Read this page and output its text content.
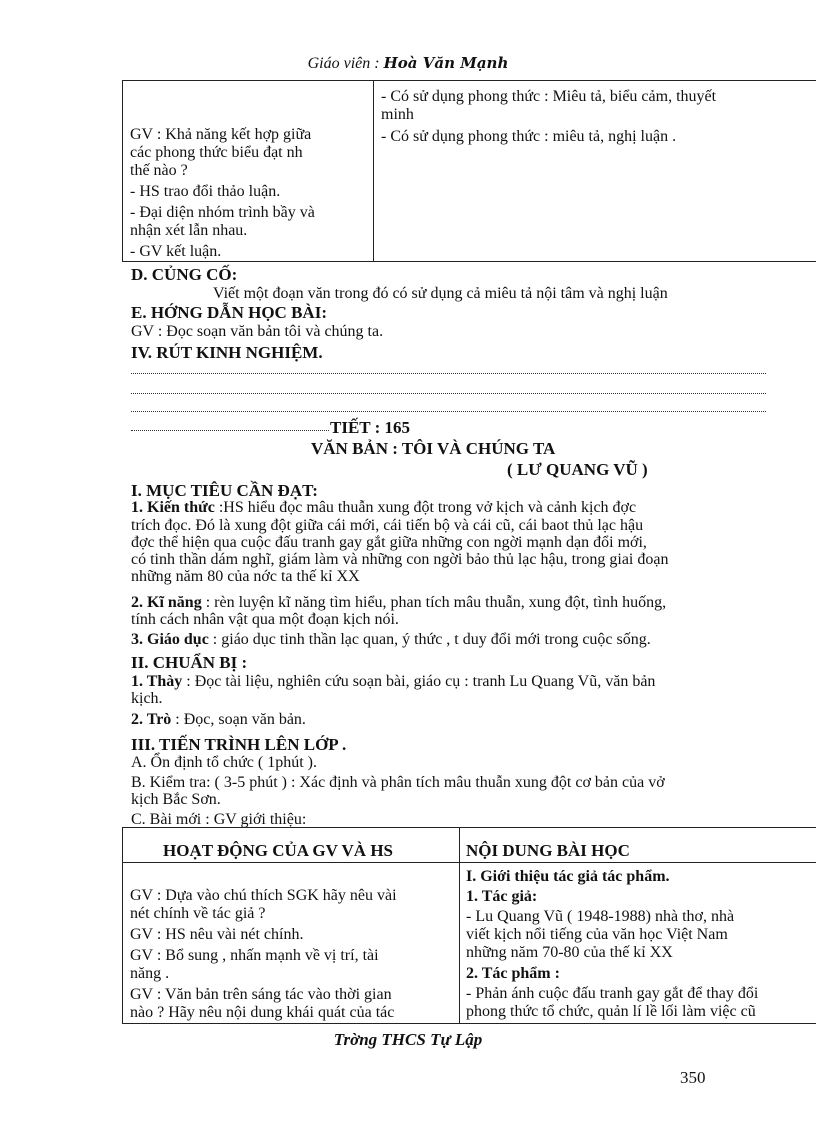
Giáo viên : Hoà Văn Mạnh
GV : Khả năng kết hợp giữa
các phong thức biểu đạt nh
thế nào ?
- HS trao đổi thảo luận.
- Đại diện nhóm trình bầy và
nhận xét lẫn nhau.
- GV kết luận.
- Có sử dụng phong thức : Miêu tả, biểu cảm, thuyết
minh
- Có sử dụng phong thức : miêu tả, nghị luận .
D. CỦNG CỐ:
Viết một đoạn văn trong đó có sử dụng cả miêu tả nội tâm và nghị luận
E. HỚNG DẪN HỌC BÀI:
GV : Đọc soạn văn bản tôi và chúng ta.
IV. RÚT KINH NGHIỆM.
TIẾT : 165
VĂN BẢN : TÔI VÀ CHÚNG TA
( LƯ QUANG VŨ )
I. MỤC TIÊU CẦN ĐẠT:
1. Kiến thức :HS hiểu đọc mâu thuẫn xung đột trong vở kịch và cảnh kịch đợc
trích đọc. Đó là xung đột giữa cái mới, cái tiến bộ và cái cũ, cái baot thủ lạc hậu
đợc thể hiện qua cuộc đấu tranh gay gắt giữa những con ngời mạnh dạn đổi mới,
có tinh thần dám nghĩ, giám làm và những con ngời bảo thủ lạc hậu, trong giai đoạn
những năm 80 của nớc ta thế kỉ XX
2. Kĩ năng : rèn luyện kĩ năng tìm hiểu, phan tích mâu thuẫn, xung đột, tình huống,
tính cách nhân vật qua một đoạn kịch nói.
3. Giáo dục : giáo dục tinh thần lạc quan, ý thức , t duy đổi mới trong cuộc sống.
II. CHUẨN BỊ :
1. Thày : Đọc tài liệu, nghiên cứu soạn bài, giáo cụ : tranh Lu Quang Vũ, văn bản
kịch.
2. Trò : Đọc, soạn văn bản.
III. TIẾN TRÌNH LÊN LỚP .
A. Ổn định tổ chức ( 1phút ).
B. Kiểm tra: ( 3-5 phút ) : Xác định và phân tích mâu thuẫn xung đột cơ bản của vở
kịch Bắc Sơn.
C. Bài mới : GV giới thiệu:
HOẠT ĐỘNG CỦA GV VÀ HS	NỘI DUNG BÀI HỌC
GV : Dựa vào chú thích SGK hãy nêu vài
nét chính về tác giả ?
GV : HS nêu vài nét chính.
GV : Bổ sung , nhấn mạnh về vị trí, tài
năng .
GV : Văn bản trên sáng tác vào thời gian
nào ? Hãy nêu nội dung khái quát của tác
I. Giới thiệu tác giả tác phẩm.
1. Tác giả:
- Lu Quang Vũ ( 1948-1988) nhà thơ, nhà
viết kịch nổi tiếng của văn học Việt Nam
những năm 70-80 của thế kỉ XX
2. Tác phẩm :
- Phản ánh cuộc đấu tranh gay gắt để thay đổi
phong thức tổ chức, quản lí lề lối làm việc cũ
Trờng THCS Tự Lập
350
